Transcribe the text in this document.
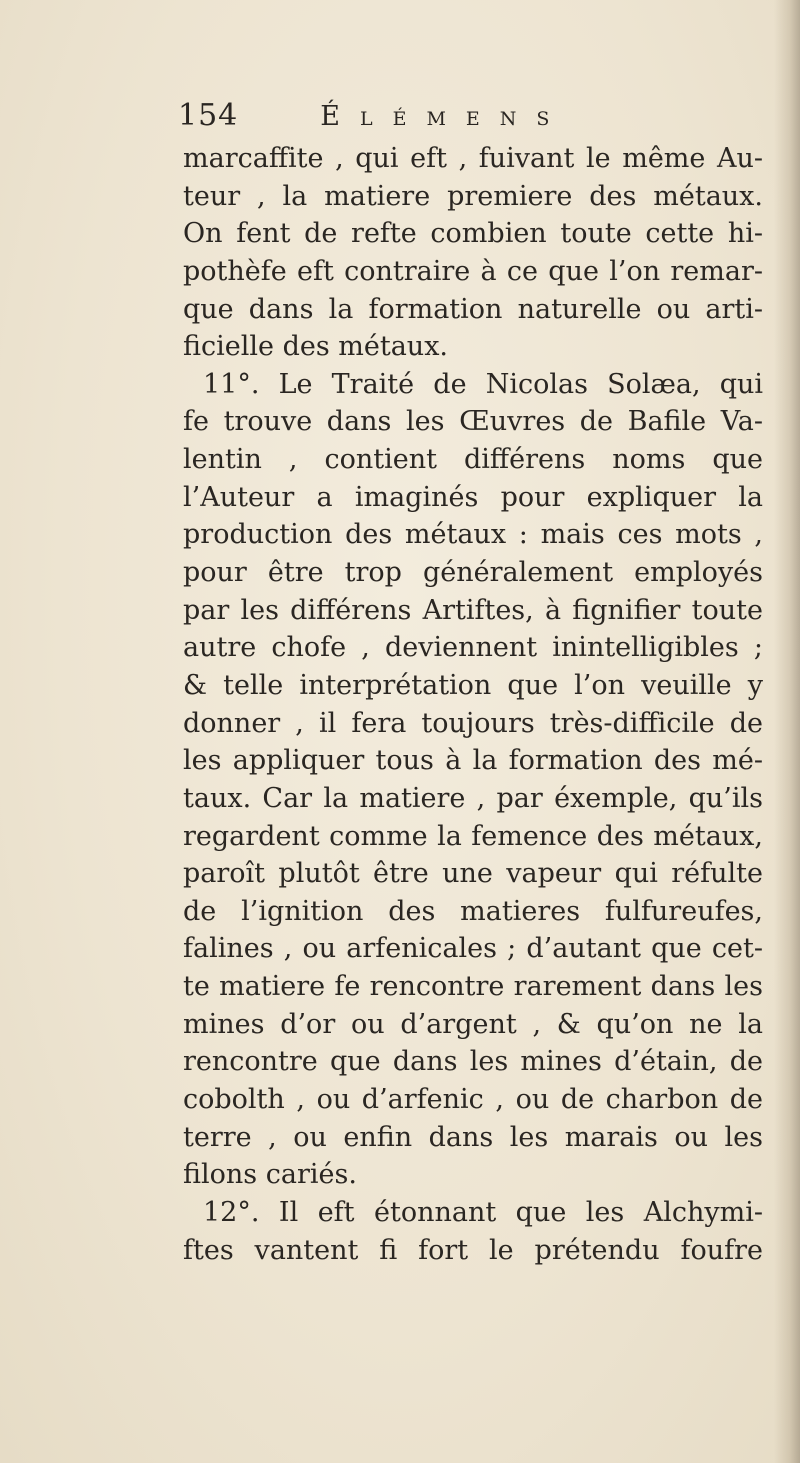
154	Élémens
marcaffite , qui eft , fuivant le même Au-
teur , la matiere premiere des métaux.
On fent de refte combien toute cette hi-
pothèfe eft contraire à ce que l’on remar-
que dans la formation naturelle ou arti-
ficielle des métaux.
11°. Le Traité de Nicolas Solæa, qui
fe trouve dans les Œuvres de Bafile Va-
lentin , contient différens noms que
l’Auteur a imaginés pour expliquer la
production des métaux : mais ces mots ,
pour être trop généralement employés
par les différens Artiftes, à fignifier toute
autre chofe , deviennent inintelligibles ;
& telle interprétation que l’on veuille y
donner , il fera toujours très-difficile de
les appliquer tous à la formation des mé-
taux. Car la matiere , par éxemple, qu’ils
regardent comme la femence des métaux,
paroît plutôt être une vapeur qui réfulte
de l’ignition des matieres fulfureufes,
falines , ou arfenicales ; d’autant que cet-
te matiere fe rencontre rarement dans les
mines d’or ou d’argent , & qu’on ne la
rencontre que dans les mines d’étain, de
cobolth , ou d’arfenic , ou de charbon de
terre , ou enfin dans les marais ou les
filons cariés.
12°. Il eft étonnant que les Alchymi-
ftes vantent fi fort le prétendu foufre
